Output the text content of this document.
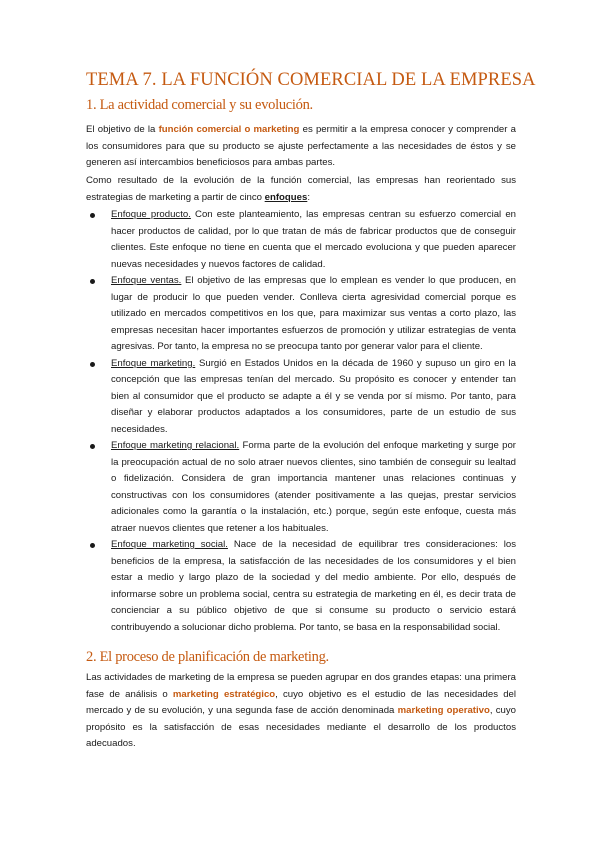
TEMA 7. LA FUNCIÓN COMERCIAL DE LA EMPRESA
1. La actividad comercial y su evolución.

El objetivo de la función comercial o marketing es permitir a la empresa conocer y comprender a los consumidores para que su producto se ajuste perfectamente a las necesidades de éstos y se generen así intercambios beneficiosos para ambas partes.

Como resultado de la evolución de la función comercial, las empresas han reorientado sus estrategias de marketing a partir de cinco enfoques:

Enfoque producto. Con este planteamiento, las empresas centran su esfuerzo comercial en hacer productos de calidad, por lo que tratan de más de fabricar productos que de conseguir clientes. Este enfoque no tiene en cuenta que el mercado evoluciona y que pueden aparecer nuevas necesidades y nuevos factores de calidad.
Enfoque ventas. El objetivo de las empresas que lo emplean es vender lo que producen, en lugar de producir lo que pueden vender. Conlleva cierta agresividad comercial porque es utilizado en mercados competitivos en los que, para maximizar sus ventas a corto plazo, las empresas necesitan hacer importantes esfuerzos de promoción y utilizar estrategias de venta agresivas. Por tanto, la empresa no se preocupa tanto por generar valor para el cliente.
Enfoque marketing. Surgió en Estados Unidos en la década de 1960 y supuso un giro en la concepción que las empresas tenían del mercado. Su propósito es conocer y entender tan bien al consumidor que el producto se adapte a él y se venda por sí mismo. Por tanto, para diseñar y elaborar productos adaptados a los consumidores, parte de un estudio de sus necesidades.
Enfoque marketing relacional. Forma parte de la evolución del enfoque marketing y surge por la preocupación actual de no solo atraer nuevos clientes, sino también de conseguir su lealtad o fidelización. Considera de gran importancia mantener unas relaciones continuas y constructivas con los consumidores (atender positivamente a las quejas, prestar servicios adicionales como la garantía o la instalación, etc.) porque, según este enfoque, cuesta más atraer nuevos clientes que retener a los habituales.
Enfoque marketing social. Nace de la necesidad de equilibrar tres consideraciones: los beneficios de la empresa, la satisfacción de las necesidades de los consumidores y el bien estar a medio y largo plazo de la sociedad y del medio ambiente. Por ello, después de informarse sobre un problema social, centra su estrategia de marketing en él, es decir trata de concienciar a su público objetivo de que si consume su producto o servicio estará contribuyendo a solucionar dicho problema. Por tanto, se basa en la responsabilidad social.
2. El proceso de planificación de marketing.

Las actividades de marketing de la empresa se pueden agrupar en dos grandes etapas: una primera fase de análisis o marketing estratégico, cuyo objetivo es el estudio de las necesidades del mercado y de su evolución, y una segunda fase de acción denominada marketing operativo, cuyo propósito es la satisfacción de esas necesidades mediante el desarrollo de los productos adecuados.
